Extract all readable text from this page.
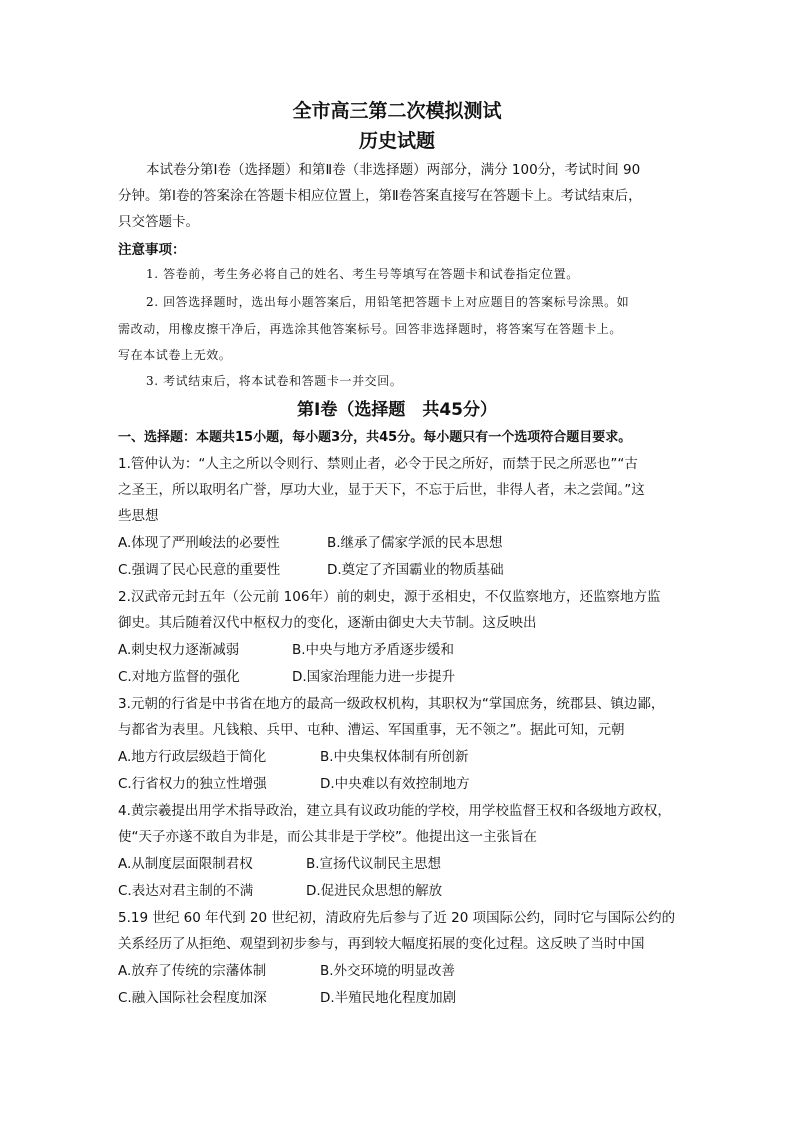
全市高三第二次模拟测试
历史试题
本试卷分第Ⅰ卷（选择题）和第Ⅱ卷（非选择题）两部分，满分 100分，考试时间 90
分钟。第Ⅰ卷的答案涂在答题卡相应位置上，第Ⅱ卷答案直接写在答题卡上。考试结束后，
只交答题卡。
注意事项：
1. 答卷前，考生务必将自己的姓名、考生号等填写在答题卡和试卷指定位置。
2. 回答选择题时，选出每小题答案后，用铅笔把答题卡上对应题目的答案标号涂黑。如
需改动，用橡皮擦干净后，再选涂其他答案标号。回答非选择题时，将答案写在答题卡上。
写在本试卷上无效。
3. 考试结束后，将本试卷和答题卡一并交回。
第Ⅰ卷（选择题　共45分）
一、选择题：本题共15小题，每小题3分，共45分。每小题只有一个选项符合题目要求。
1.管仲认为：“人主之所以令则行、禁则止者，必令于民之所好，而禁于民之所恶也”“古
之圣王，所以取明名广誉，厚功大业，显于天下，不忘于后世，非得人者，未之尝闻。”这
些思想
A.体现了严刑峻法的必要性	B.继承了儒家学派的民本思想
C.强调了民心民意的重要性	D.奠定了齐国霸业的物质基础
2.汉武帝元封五年（公元前 106年）前的刺史，源于丞相史，不仅监察地方，还监察地方监
御史。其后随着汉代中枢权力的变化，逐渐由御史大夫节制。这反映出
A.刺史权力逐渐减弱	B.中央与地方矛盾逐步缓和
C.对地方监督的强化	D.国家治理能力进一步提升
3.元朝的行省是中书省在地方的最高一级政权机构，其职权为“掌国庶务，统郡县、镇边鄙，
与都省为表里。凡钱粮、兵甲、屯种、漕运、军国重事，无不领之”。据此可知，元朝
A.地方行政层级趋于简化	B.中央集权体制有所创新
C.行省权力的独立性增强	D.中央难以有效控制地方
4.黄宗羲提出用学术指导政治，建立具有议政功能的学校，用学校监督王权和各级地方政权，
使“天子亦遂不敢自为非是，而公其非是于学校”。他提出这一主张旨在
A.从制度层面限制君权	B.宣扬代议制民主思想
C.表达对君主制的不满	D.促进民众思想的解放
5.19 世纪 60 年代到 20 世纪初，清政府先后参与了近 20 项国际公约，同时它与国际公约的
关系经历了从拒绝、观望到初步参与，再到较大幅度拓展的变化过程。这反映了当时中国
A.放弃了传统的宗藩体制	B.外交环境的明显改善
C.融入国际社会程度加深	D.半殖民地化程度加剧
